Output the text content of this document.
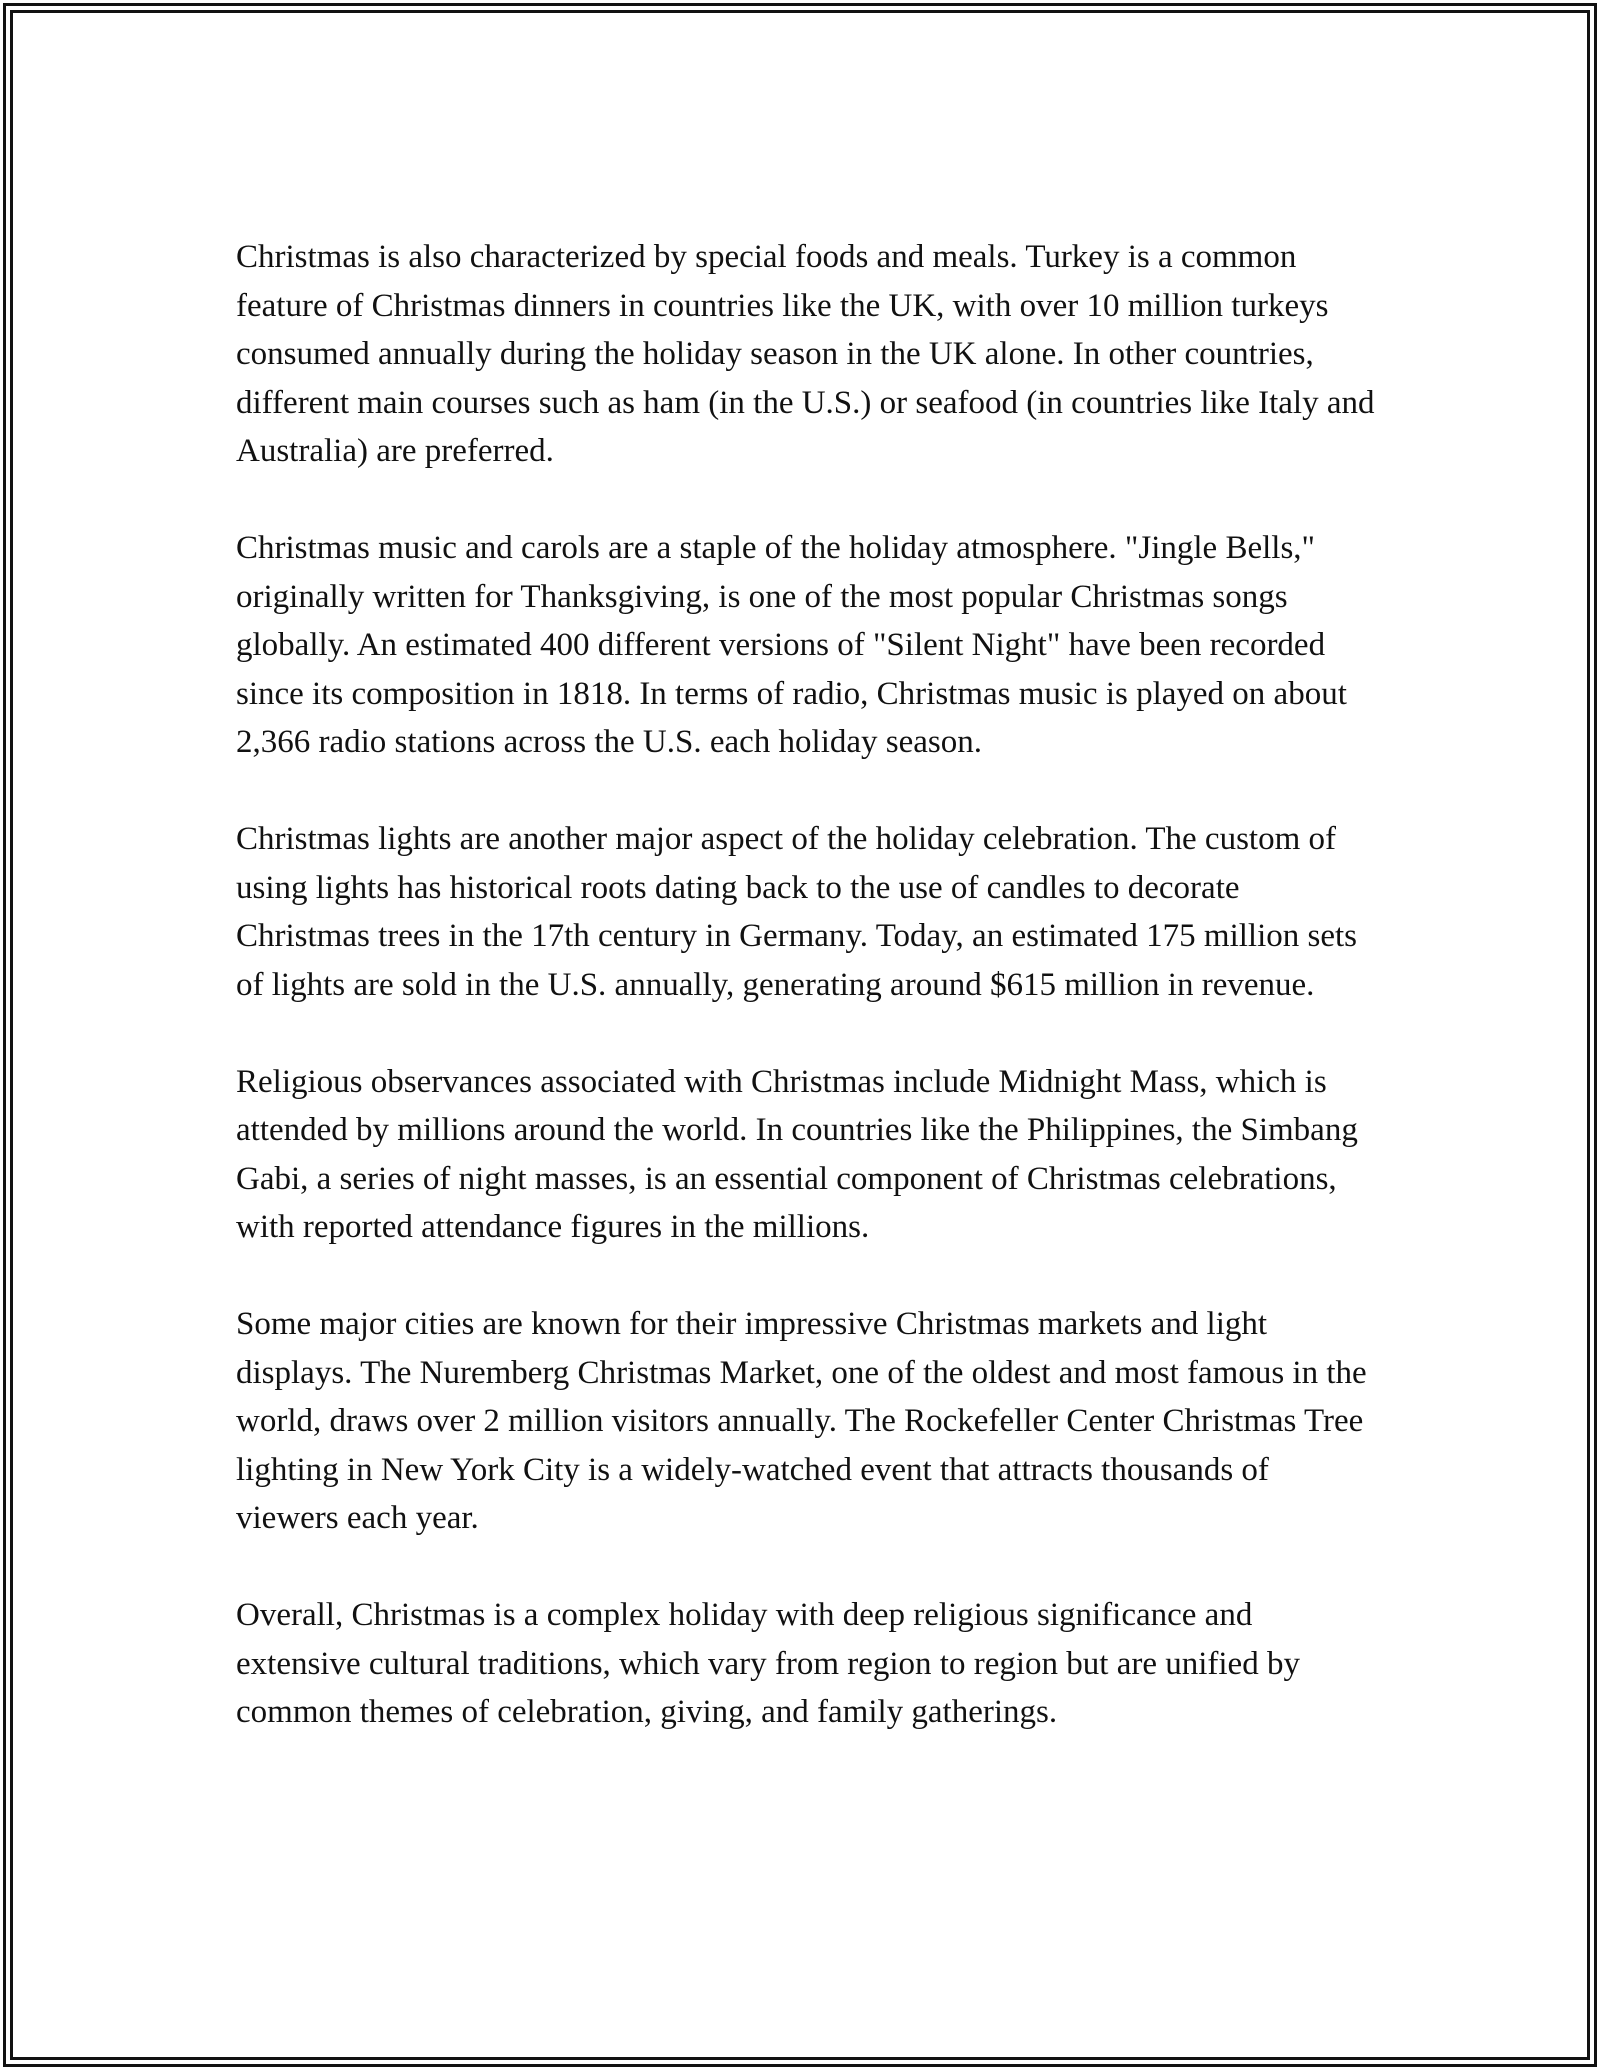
Christmas is also characterized by special foods and meals. Turkey is a common feature of Christmas dinners in countries like the UK, with over 10 million turkeys consumed annually during the holiday season in the UK alone. In other countries, different main courses such as ham (in the U.S.) or seafood (in countries like Italy and Australia) are preferred.

Christmas music and carols are a staple of the holiday atmosphere. "Jingle Bells," originally written for Thanksgiving, is one of the most popular Christmas songs globally. An estimated 400 different versions of "Silent Night" have been recorded since its composition in 1818. In terms of radio, Christmas music is played on about 2,366 radio stations across the U.S. each holiday season.

Christmas lights are another major aspect of the holiday celebration. The custom of using lights has historical roots dating back to the use of candles to decorate Christmas trees in the 17th century in Germany. Today, an estimated 175 million sets of lights are sold in the U.S. annually, generating around $615 million in revenue.

Religious observances associated with Christmas include Midnight Mass, which is attended by millions around the world. In countries like the Philippines, the Simbang Gabi, a series of night masses, is an essential component of Christmas celebrations, with reported attendance figures in the millions.

Some major cities are known for their impressive Christmas markets and light displays. The Nuremberg Christmas Market, one of the oldest and most famous in the world, draws over 2 million visitors annually. The Rockefeller Center Christmas Tree lighting in New York City is a widely-watched event that attracts thousands of viewers each year.

Overall, Christmas is a complex holiday with deep religious significance and extensive cultural traditions, which vary from region to region but are unified by common themes of celebration, giving, and family gatherings.
